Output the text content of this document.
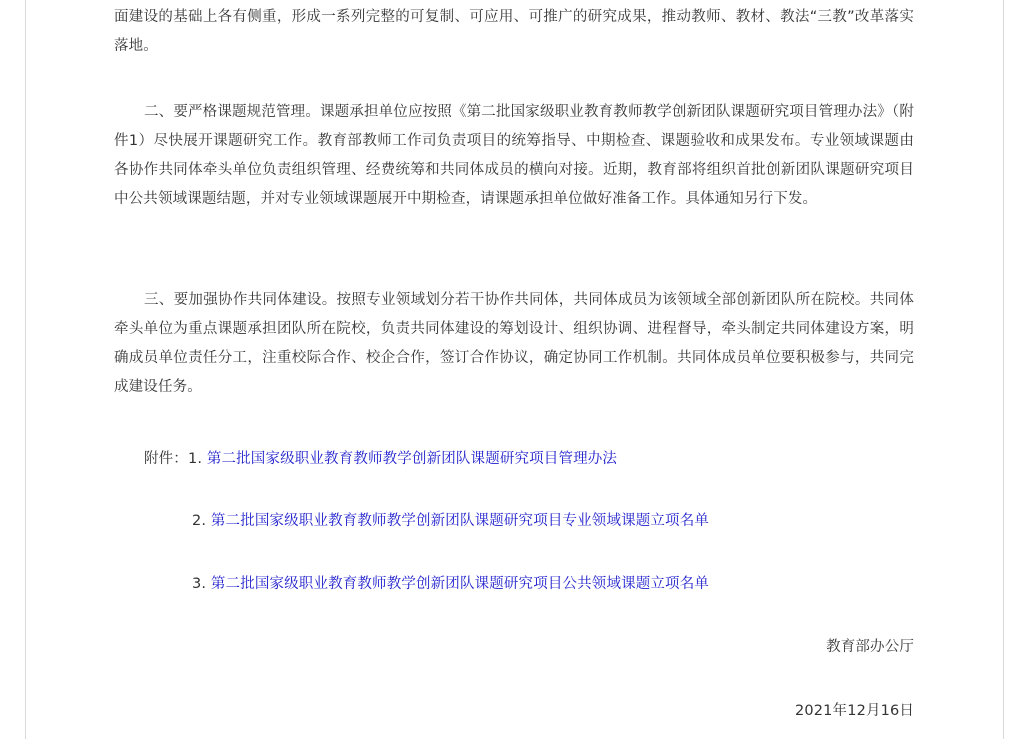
面建设的基础上各有侧重，形成一系列完整的可复制、可应用、可推广的研究成果，推动教师、教材、教法“三教”改革落实落地。

二、要严格课题规范管理。课题承担单位应按照《第二批国家级职业教育教师教学创新团队课题研究项目管理办法》（附件1）尽快展开课题研究工作。教育部教师工作司负责项目的统筹指导、中期检查、课题验收和成果发布。专业领域课题由各协作共同体牵头单位负责组织管理、经费统筹和共同体成员的横向对接。近期，教育部将组织首批创新团队课题研究项目中公共领域课题结题，并对专业领域课题展开中期检查，请课题承担单位做好准备工作。具体通知另行下发。

三、要加强协作共同体建设。按照专业领域划分若干协作共同体，共同体成员为该领域全部创新团队所在院校。共同体牵头单位为重点课题承担团队所在院校，负责共同体建设的筹划设计、组织协调、进程督导，牵头制定共同体建设方案，明确成员单位责任分工，注重校际合作、校企合作，签订合作协议，确定协同工作机制。共同体成员单位要积极参与，共同完成建设任务。

附件：1. 第二批国家级职业教育教师教学创新团队课题研究项目管理办法
2. 第二批国家级职业教育教师教学创新团队课题研究项目专业领域课题立项名单
3. 第二批国家级职业教育教师教学创新团队课题研究项目公共领域课题立项名单
教育部办公厅
2021年12月16日
